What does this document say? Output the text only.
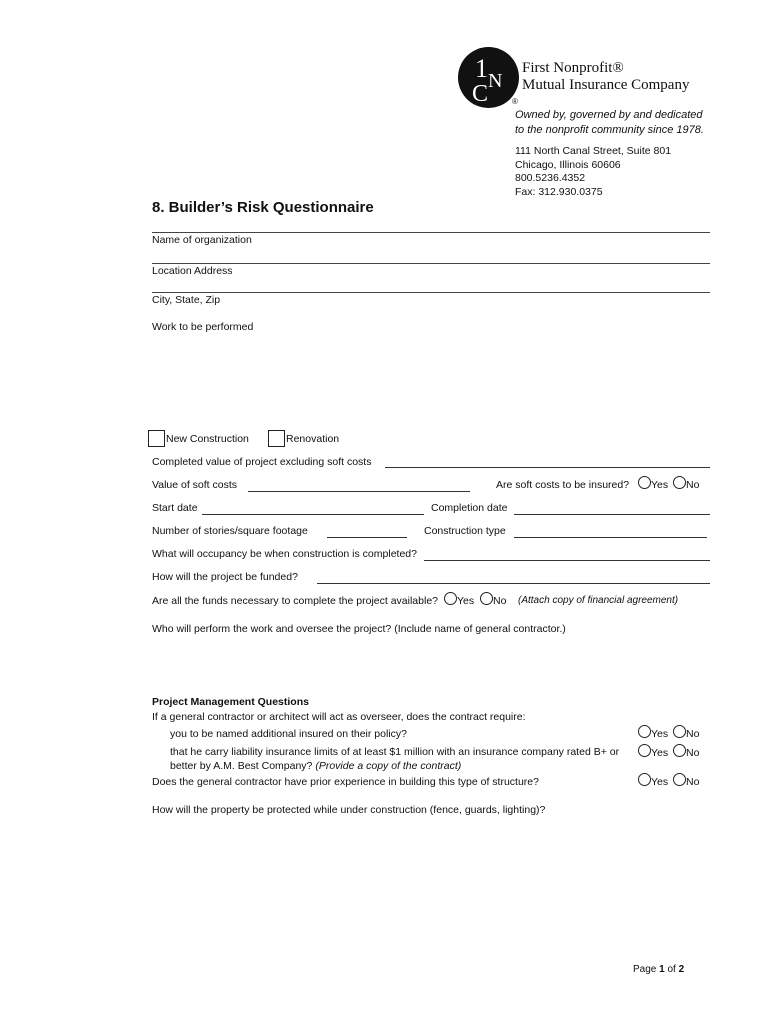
1 N
C	®
First Nonprofit®
Mutual Insurance Company
Owned by, governed by and dedicated
to the nonprofit community since 1978.
111 North Canal Street, Suite 801
Chicago, Illinois 60606
800.5236.4352
Fax: 312.930.0375
8. Builder’s Risk Questionnaire
Name of organization
Location Address
City, State, Zip
Work to be performed
New Construction	Renovation
Completed value of project excluding soft costs
Value of soft costs	Are soft costs to be insured? Yes No
Start date	Completion date
Number of stories/square footage	Construction type
What will occupancy be when construction is completed?
How will the project be funded?
Are all the funds necessary to complete the project available? Yes No (Attach copy of financial agreement)
Who will perform the work and oversee the project? (Include name of general contractor.)
Project Management Questions
If a general contractor or architect will act as overseer, does the contract require:
you to be named additional insured on their policy?	Yes No
that he carry liability insurance limits of at least $1 million with an insurance company rated B+ or
better by A.M. Best Company? (Provide a copy of the contract)
Yes No
Does the general contractor have prior experience in building this type of structure?	Yes No
How will the property be protected while under construction (fence, guards, lighting)?
Page 1 of 2
